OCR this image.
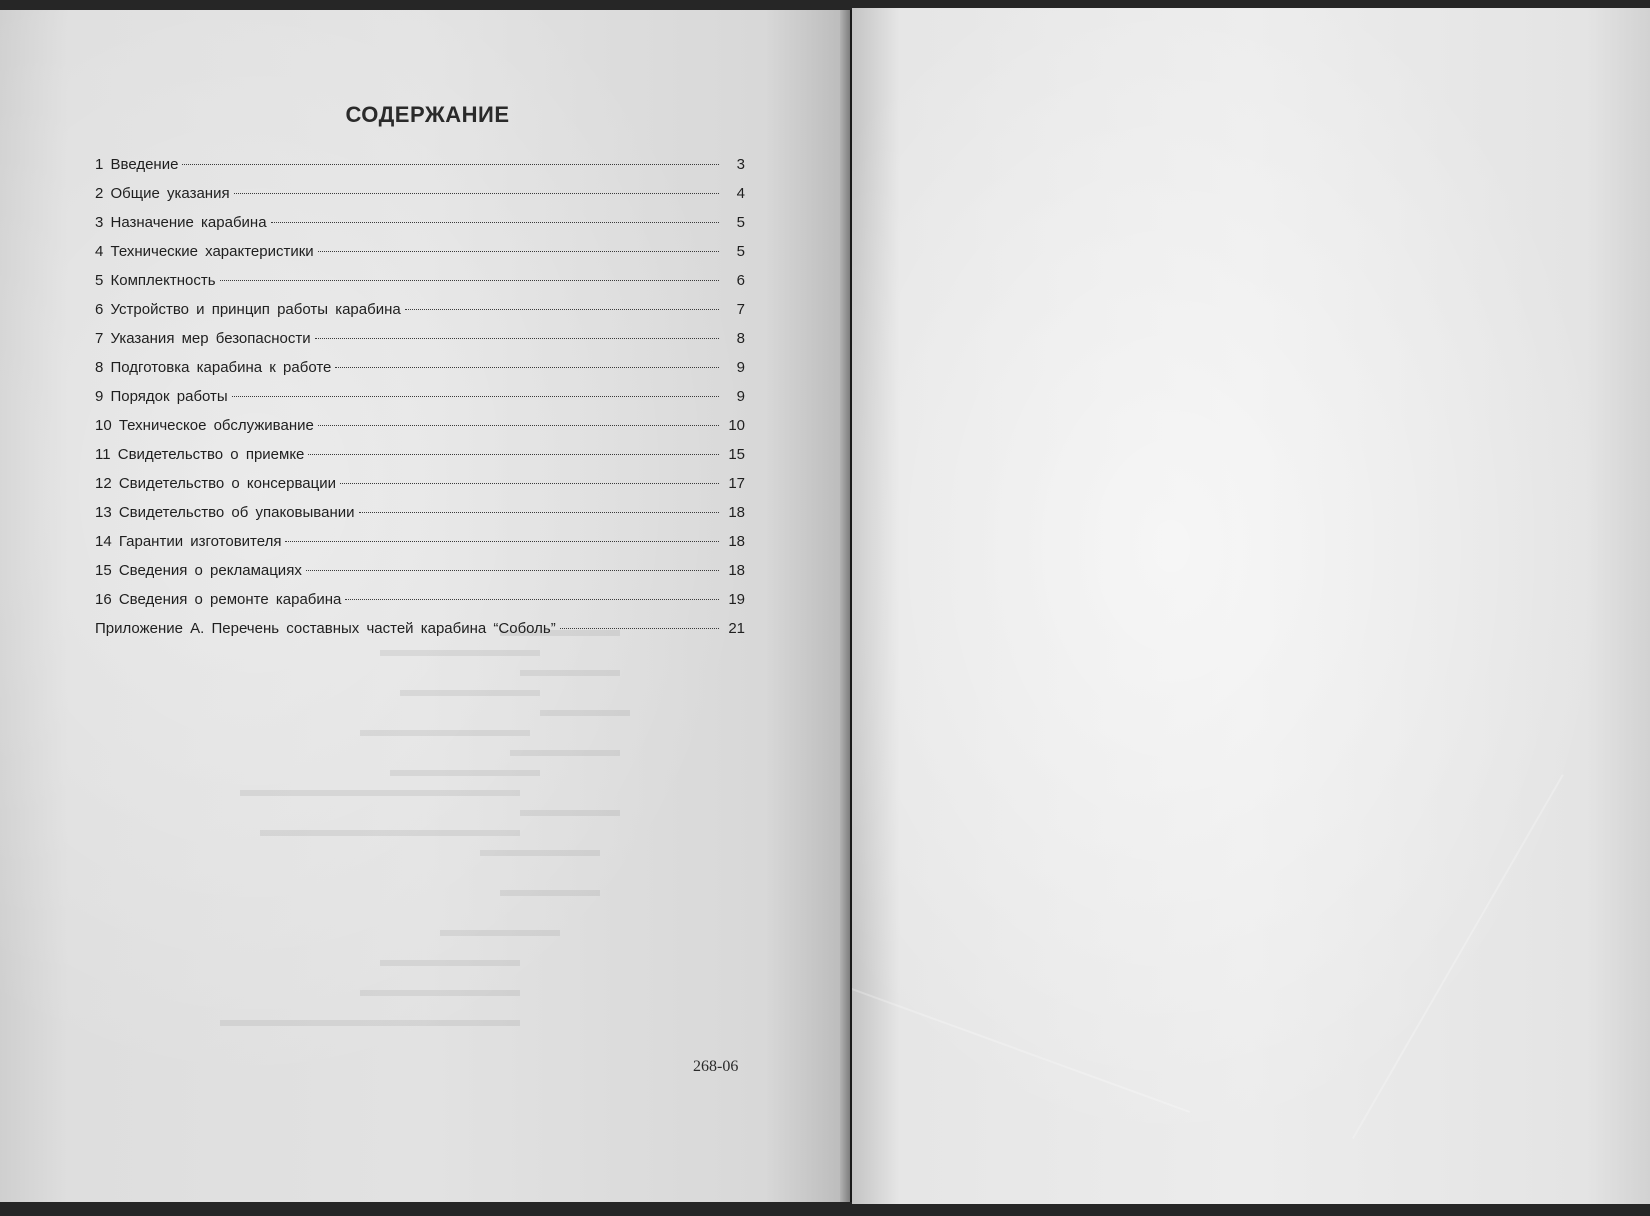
СОДЕРЖАНИЕ
1 Введение	3
2 Общие указания	4
3 Назначение карабина	5
4 Технические характеристики	5
5 Комплектность	6
6 Устройство и принцип работы карабина	7
7 Указания мер безопасности	8
8 Подготовка карабина к работе	9
9 Порядок работы	9
10 Техническое обслуживание	10
11 Свидетельство о приемке	15
12 Свидетельство о консервации	17
13 Свидетельство об упаковывании	18
14 Гарантии изготовителя	18
15 Сведения о рекламациях	18
16 Сведения о ремонте карабина	19
Приложение А. Перечень составных частей карабина “Соболь”	21
268-06
